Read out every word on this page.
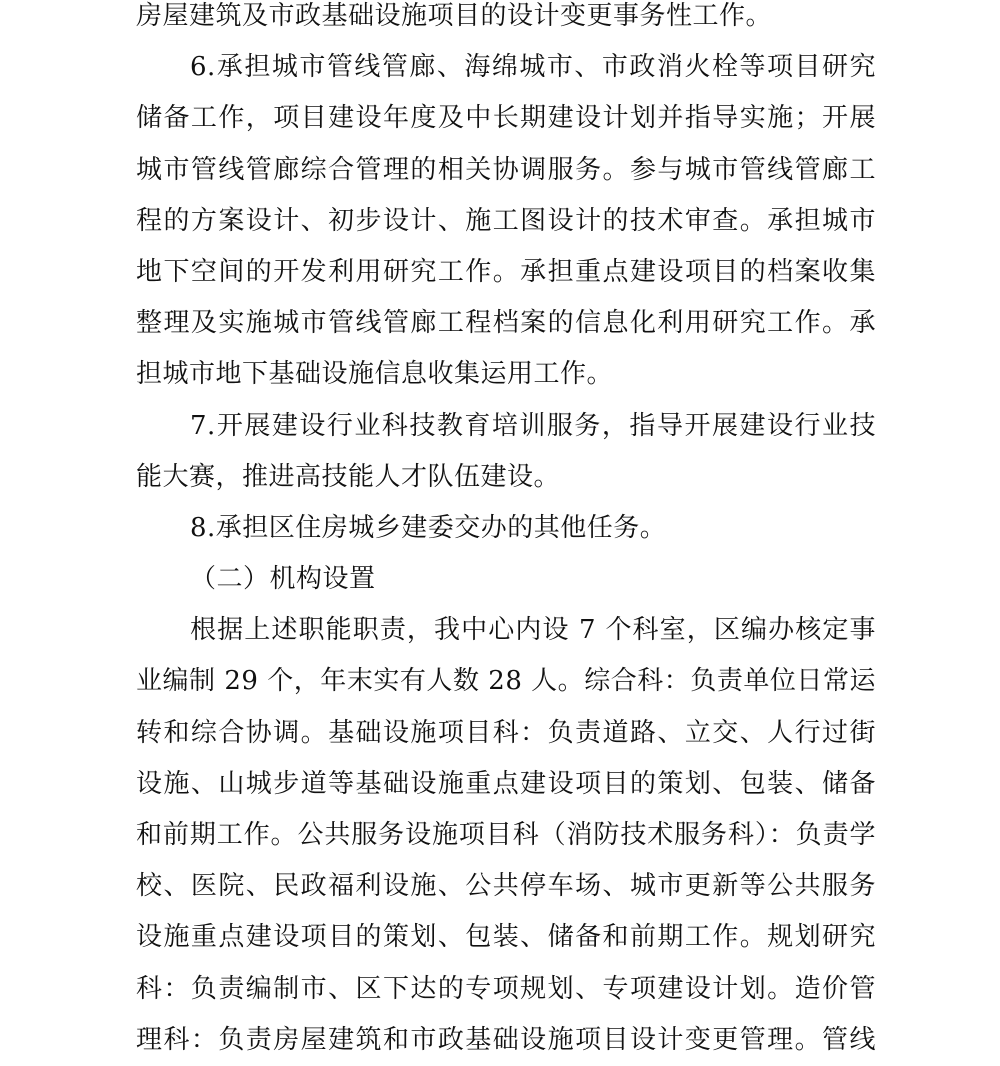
房屋建筑及市政基础设施项目的设计变更事务性工作。
6.承担城市管线管廊、海绵城市、市政消火栓等项目研究
储备工作，项目建设年度及中长期建设计划并指导实施；开展
城市管线管廊综合管理的相关协调服务。参与城市管线管廊工
程的方案设计、初步设计、施工图设计的技术审查。承担城市
地下空间的开发利用研究工作。承担重点建设项目的档案收集
整理及实施城市管线管廊工程档案的信息化利用研究工作。承
担城市地下基础设施信息收集运用工作。
7.开展建设行业科技教育培训服务，指导开展建设行业技
能大赛，推进高技能人才队伍建设。
8.承担区住房城乡建委交办的其他任务。
（二）机构设置
根据上述职能职责，我中心内设 7 个科室，区编办核定事
业编制 29 个，年末实有人数 28 人。综合科：负责单位日常运
转和综合协调。基础设施项目科：负责道路、立交、人行过街
设施、山城步道等基础设施重点建设项目的策划、包装、储备
和前期工作。公共服务设施项目科（消防技术服务科）：负责学
校、医院、民政福利设施、公共停车场、城市更新等公共服务
设施重点建设项目的策划、包装、储备和前期工作。规划研究
科：负责编制市、区下达的专项规划、专项建设计划。造价管
理科：负责房屋建筑和市政基础设施项目设计变更管理。管线
